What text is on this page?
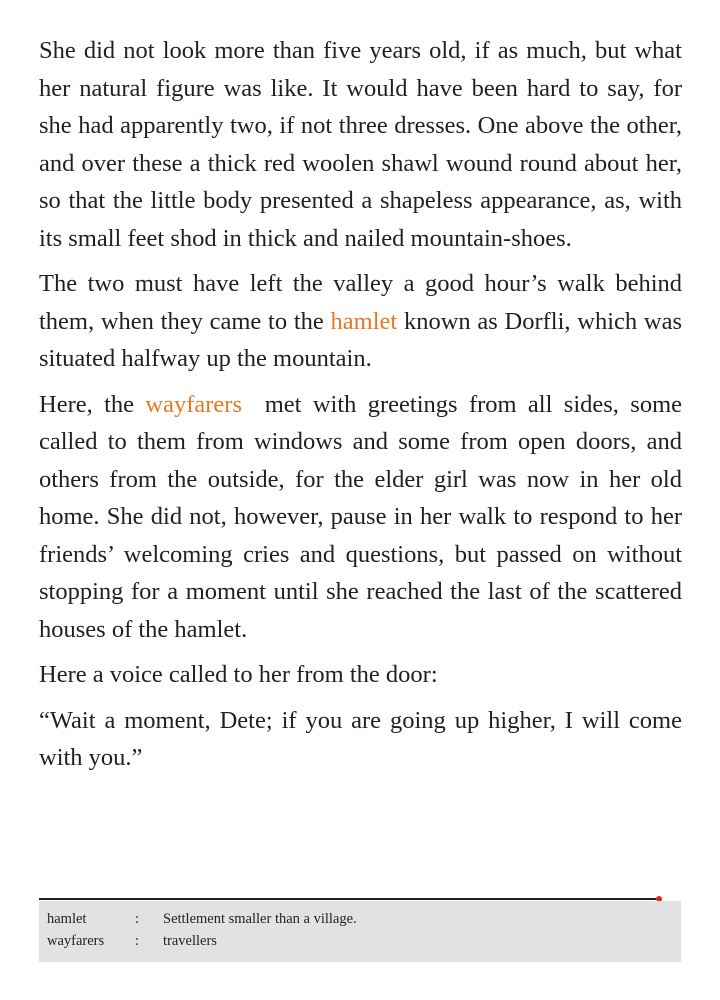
She did not look more than five years old, if as much, but what her natural figure was like. It would have been hard to say, for she had apparently two, if not three dresses. One above the other, and over these a thick red woolen shawl wound round about her, so that the little body presented a shapeless appearance, as, with its small feet shod in thick and nailed mountain-shoes.

The two must have left the valley a good hour’s walk behind them, when they came to the hamlet known as Dorfli, which was situated halfway up the mountain.

Here, the wayfarers met with greetings from all sides, some called to them from windows and some from open doors, and others from the outside, for the elder girl was now in her old home. She did not, however, pause in her walk to respond to her friends’ welcoming cries and questions, but passed on without stopping for a moment until she reached the last of the scattered houses of the hamlet.

Here a voice called to her from the door:

“Wait a moment, Dete; if you are going up higher, I will come with you.”

hamlet	:	Settlement smaller than a village.
wayfarers	:	travellers
